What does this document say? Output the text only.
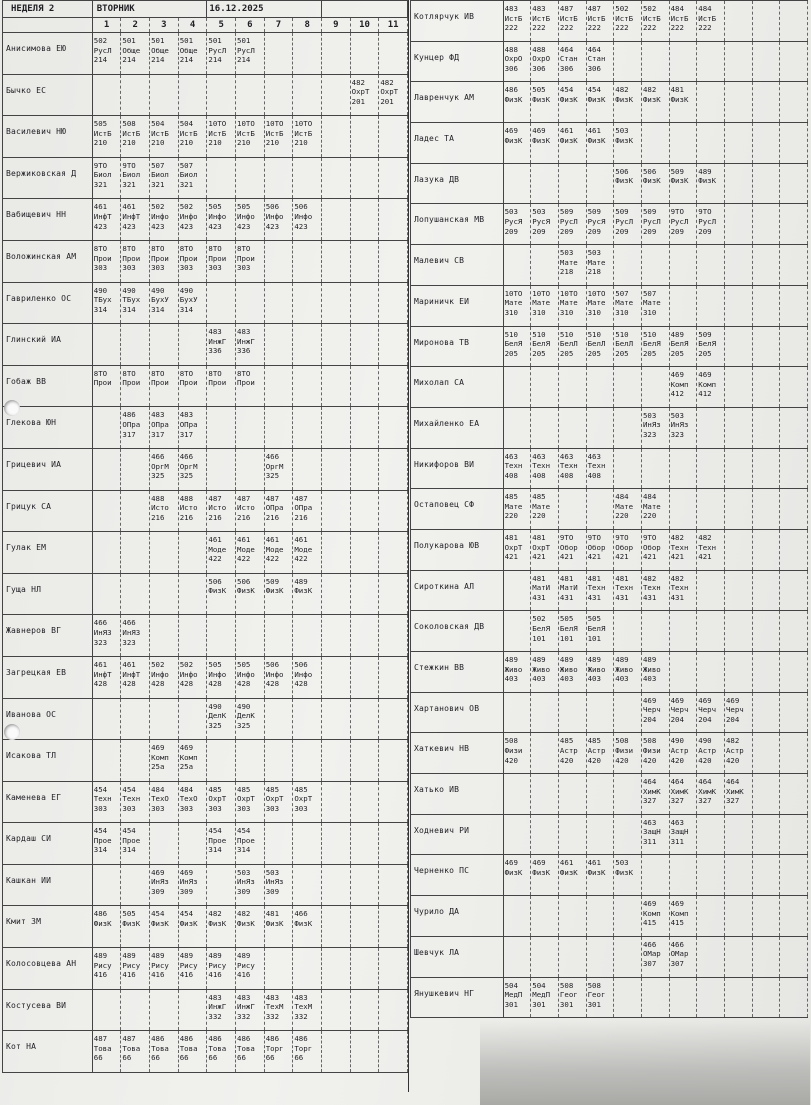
НЕДЕЛЯ 2	ВТОРНИК				16.12.2025						
	1	2	3	4	5	6	7	8	9	10	11
Анисимова ЕЮ	502
РусЛ
214	501
Обще
214	501
Обще
214	501
Обще
214	501
РусЛ
214	501
РусЛ
214					

Бычко ЕС										482
ОхрТ
201	482
ОхрТ
201

Василевич НЮ	505
ИстБ
210	508
ИстБ
210	504
ИстБ
210	504
ИстБ
210	10ТО
ИстБ
210	10ТО
ИстБ
210	10ТО
ИстБ
210	10ТО
ИстБ
210			

Вержиковская Д	9ТО
Биол
321	9ТО
Биол
321	507
Биол
321	507
Биол
321							

Вабищевич НН	461
ИнфТ
423	461
ИнфТ
423	502
Инфо
423	502
Инфо
423	505
Инфо
423	505
Инфо
423	506
Инфо
423	506
Инфо
423			

Воложинская АМ	8ТО
Прои
303	8ТО
Прои
303	8ТО
Прои
303	8ТО
Прои
303	8ТО
Прои
303	8ТО
Прои
303					

Гавриленко ОС	490
ТБух
314	490
ТБух
314	490
БухУ
314	490
БухУ
314							

Глинский ИА					483
ИнжГ
336	483
ИнжГ
336					

Гобаж ВВ	8ТО
Прои	8ТО
Прои	8ТО
Прои	8ТО
Прои	8ТО
Прои	8ТО
Прои					

Глекова ЮН		486
ОПра
317	483
ОПра
317	483
ОПра
317							

Грицевич ИА			466
ОргМ
325	466
ОргМ
325			466
ОргМ
325				

Грицук СА			488
Исто
216	488
Исто
216	487
Исто
216	487
Исто
216	487
ОПра
216	487
ОПра
216			

Гулак ЕМ					461
Моде
422	461
Моде
422	461
Моде
422	461
Моде
422			

Гуща НЛ					506
ФизК	506
ФизК	509
ФизК	489
ФизК			

Жавнеров ВГ	466
ИнЯЗ
323	466
ИнЯЗ
323									

Загрецкая ЕВ	461
ИнфТ
428	461
ИнфТ
428	502
Инфо
428	502
Инфо
428	505
Инфо
428	505
Инфо
428	506
Инфо
428	506
Инфо
428			

Иванова ОС					490
ДелК
325	490
ДелК
325					

Исакова ТЛ			469
Комп
25а	469
Комп
25а							

Каменева ЕГ	454
Техн
303	454
Техн
303	484
ТехО
303	484
ТехО
303	485
ОхрТ
303	485
ОхрТ
303	485
ОхрТ
303	485
ОхрТ
303			

Кардаш СИ	454
Прое
314	454
Прое
314			454
Прое
314	454
Прое
314					

Кашкан ИИ			469
ИнЯз
309	469
ИнЯз
309		503
ИнЯз
309	503
ИнЯз
309				

Кмит ЗМ	486
ФизК	505
ФизК	454
ФизК	454
ФизК	482
ФизК	482
ФизК	481
ФизК	466
ФизК			

Колосовцева АН	489
Рису
416	489
Рису
416	489
Рису
416	489
Рису
416	489
Рису
416	489
Рису
416					

Костусева ВИ					483
ИнжГ
332	483
ИнжГ
332	483
ТехМ
332	483
ТехМ
332			

Кот НА	487
Това
66	487
Това
66	486
Това
66	486
Това
66	486
Това
66	486
Това
66	486
Торг
66	486
Торг
66			

Котлярчук ИВ	483
ИстБ
222	483
ИстБ
222	487
ИстБ
222	487
ИстБ
222	502
ИстБ
222	502
ИстБ
222	484
ИстБ
222	484
ИстБ
222			

Кунцер ФД	488
ОхрО
306	488
ОхрО
306	464
Стан
306	464
Стан
306							

Лавренчук АМ	486
ФизК	505
ФизК	454
ФизК	454
ФизК	482
ФизК	482
ФизК	481
ФизК				

Ладес ТА	469
ФизК	469
ФизК	461
ФизК	461
ФизК	503
ФизК						

Лазука ДВ					506
ФизК	506
ФизК	509
ФизК	489
ФизК			

Лопушанская МВ	503
РусЯ
209	503
РусЯ
209	509
РусЛ
209	509
РусЯ
209	509
РусЛ
209	509
РусЛ
209	9ТО
РусЛ
209	9ТО
РусЛ
209			

Малевич СВ			503
Мате
218	503
Мате
218							

Мариничк ЕИ	10ТО
Мате
310	10ТО
Мате
310	10ТО
Мате
310	10ТО
Мате
310	507
Мате
310	507
Мате
310					

Миронова ТВ	510
БелЯ
205	510
БелЯ
205	510
БелЛ
205	510
БелЛ
205	510
БелЛ
205	510
БелЯ
205	489
БелЯ
205	509
БелЯ
205			

Михолап СА							469
Комп
412	469
Комп
412			

Михайленко ЕА						503
ИнЯз
323	503
ИнЯз
323				

Никифоров ВИ	463
Техн
408	463
Техн
408	463
Техн
408	463
Техн
408							

Остаповец СФ	485
Мате
220	485
Мате
220			484
Мате
220	484
Мате
220					

Полукарова ЮВ	481
ОхрТ
421	481
ОхрТ
421	9ТО
Обор
421	9ТО
Обор
421	9ТО
Обор
421	9ТО
Обор
421	482
Техн
421	482
Техн
421			

Сироткина АЛ		481
МатИ
431	481
МатИ
431	481
Техн
431	481
Техн
431	482
Техн
431	482
Техн
431				

Соколовская ДВ		502
БелЯ
101	505
БелЯ
101	505
БелЯ
101							

Стежкин ВВ	489
Живо
403	489
Живо
403	489
Живо
403	489
Живо
403	489
Живо
403	489
Живо
403					

Хартанович ОВ						469
Черч
204	469
Черч
204	469
Черч
204	469
Черч
204		

Хаткевич НВ	508
Физи
420		485
Астр
420	485
Астр
420	508
Физи
420	508
Физи
420	490
Астр
420	490
Астр
420	482
Астр
420		

Хатько ИВ						464
ХимК
327	464
ХимК
327	464
ХимК
327	464
ХимК
327		

Ходневич РИ						463
ЗащН
311	463
ЗащН
311				

Черненко ПС	469
ФизК	469
ФизК	461
ФизК	461
ФизК	503
ФизК						

Чурило ДА						469
Комп
415	469
Комп
415				

Шевчук ЛА						466
ОМар
307	466
ОМар
307				

Янушкевич НГ	504
МедП
301	504
МедП
301	508
Геог
301	508
Геог
301							
